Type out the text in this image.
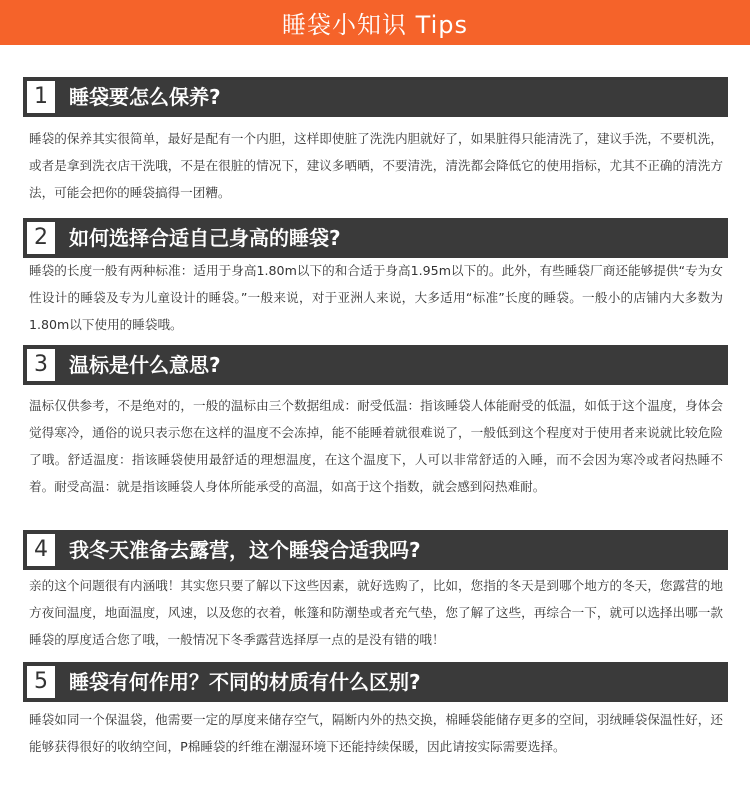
睡袋小知识 Tips
1	睡袋要怎么保养?

睡袋的保养其实很简单，最好是配有一个内胆，这样即使脏了洗洗内胆就好了，如果脏得只能清洗了，建议手洗，不要机洗，或者是拿到洗衣店干洗哦，不是在很脏的情况下，建议多晒晒，不要清洗，清洗都会降低它的使用指标，尤其不正确的清洗方法，可能会把你的睡袋搞得一团糟。

2	如何选择合适自己身高的睡袋?

睡袋的长度一般有两种标准：适用于身高1.80m以下的和合适于身高1.95m以下的。此外，有些睡袋厂商还能够提供“专为女性设计的睡袋及专为儿童设计的睡袋。”一般来说，对于亚洲人来说，大多适用“标准”长度的睡袋。一般小的店铺内大多数为1.80m以下使用的睡袋哦。

3	温标是什么意思?

温标仅供参考，不是绝对的，一般的温标由三个数据组成：耐受低温：指该睡袋人体能耐受的低温，如低于这个温度，身体会觉得寒冷，通俗的说只表示您在这样的温度不会冻掉，能不能睡着就很难说了，一般低到这个程度对于使用者来说就比较危险了哦。舒适温度：指该睡袋使用最舒适的理想温度，在这个温度下，人可以非常舒适的入睡，而不会因为寒冷或者闷热睡不着。耐受高温：就是指该睡袋人身体所能承受的高温，如高于这个指数，就会感到闷热难耐。

4	我冬天准备去露营，这个睡袋合适我吗?

亲的这个问题很有内涵哦！其实您只要了解以下这些因素，就好选购了，比如，您指的冬天是到哪个地方的冬天，您露营的地方夜间温度，地面温度，风速，以及您的衣着，帐篷和防潮垫或者充气垫，您了解了这些，再综合一下，就可以选择出哪一款睡袋的厚度适合您了哦，一般情况下冬季露营选择厚一点的是没有错的哦！

5	睡袋有何作用？不同的材质有什么区别?

睡袋如同一个保温袋，他需要一定的厚度来储存空气，隔断内外的热交换，棉睡袋能储存更多的空间，羽绒睡袋保温性好，还能够获得很好的收纳空间，P棉睡袋的纤维在潮湿环境下还能持续保暖，因此请按实际需要选择。
